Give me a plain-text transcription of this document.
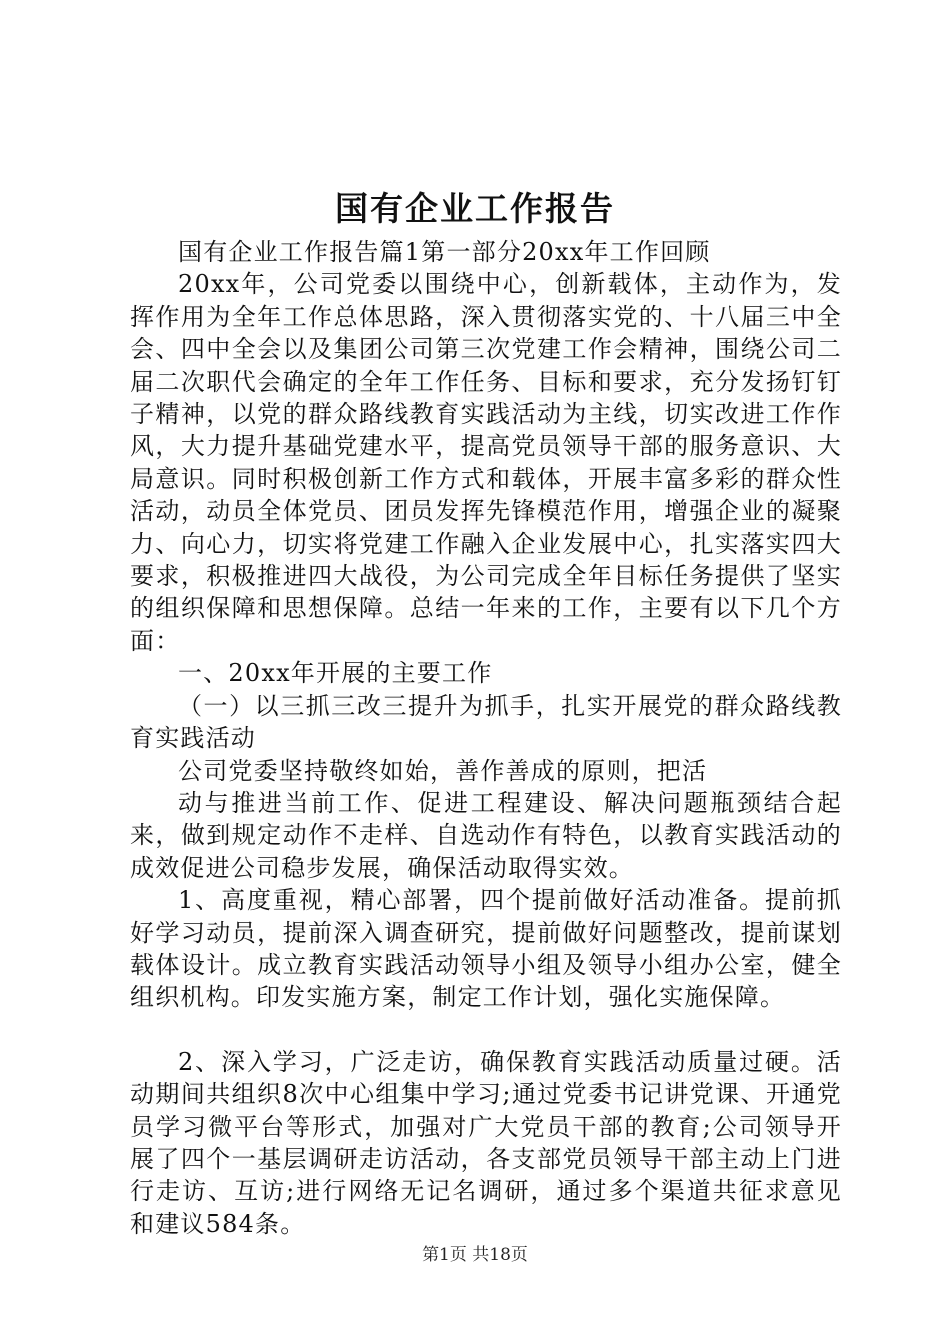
国有企业工作报告

国有企业工作报告篇1第一部分20xx年工作回顾

20xx年，公司党委以围绕中心，创新载体，主动作为，发挥作用为全年工作总体思路，深入贯彻落实党的、十八届三中全会、四中全会以及集团公司第三次党建工作会精神，围绕公司二届二次职代会确定的全年工作任务、目标和要求，充分发扬钉钉子精神，以党的群众路线教育实践活动为主线，切实改进工作作风，大力提升基础党建水平，提高党员领导干部的服务意识、大局意识。同时积极创新工作方式和载体，开展丰富多彩的群众性活动，动员全体党员、团员发挥先锋模范作用，增强企业的凝聚力、向心力，切实将党建工作融入企业发展中心，扎实落实四大要求，积极推进四大战役，为公司完成全年目标任务提供了坚实的组织保障和思想保障。总结一年来的工作，主要有以下几个方面：

一、20xx年开展的主要工作

（一）以三抓三改三提升为抓手，扎实开展党的群众路线教育实践活动

公司党委坚持敬终如始，善作善成的原则，把活

动与推进当前工作、促进工程建设、解决问题瓶颈结合起来，做到规定动作不走样、自选动作有特色，以教育实践活动的成效促进公司稳步发展，确保活动取得实效。

1、高度重视，精心部署，四个提前做好活动准备。提前抓好学习动员，提前深入调查研究，提前做好问题整改，提前谋划载体设计。成立教育实践活动领导小组及领导小组办公室，健全组织机构。印发实施方案，制定工作计划，强化实施保障。

2、深入学习，广泛走访，确保教育实践活动质量过硬。活动期间共组织8次中心组集中学习;通过党委书记讲党课、开通党员学习微平台等形式，加强对广大党员干部的教育;公司领导开展了四个一基层调研走访活动，各支部党员领导干部主动上门进行走访、互访;进行网络无记名调研，通过多个渠道共征求意见和建议584条。

第1页 共18页
